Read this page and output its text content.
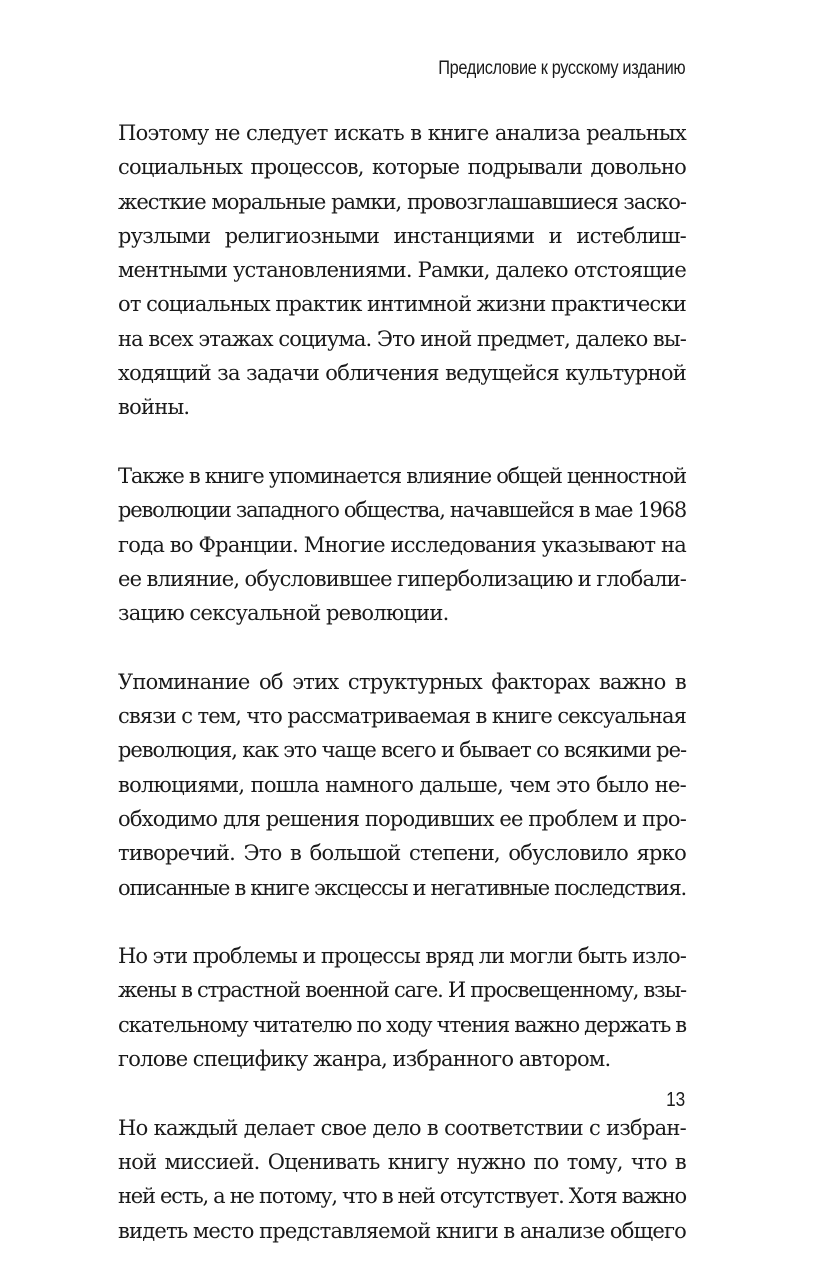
Предисловие к русскому изданию

Поэтому не следует искать в книге анализа реальных
социальных процессов, которые подрывали довольно
жесткие моральные рамки, провозглашавшиеся заско-
рузлыми религиозными инстанциями и истеблиш-
ментными установлениями. Рамки, далеко отстоящие
от социальных практик интимной жизни практически
на всех этажах социума. Это иной предмет, далеко вы-
ходящий за задачи обличения ведущейся культурной
войны.

Также в книге упоминается влияние общей ценностной
революции западного общества, начавшейся в мае 1968
года во Франции. Многие исследования указывают на
ее влияние, обусловившее гиперболизацию и глобали-
зацию сексуальной революции.

Упоминание об этих структурных факторах важно в
связи с тем, что рассматриваемая в книге сексуальная
революция, как это чаще всего и бывает со всякими ре-
волюциями, пошла намного дальше, чем это было не-
обходимо для решения породивших ее проблем и про-
тиворечий. Это в большой степени, обусловило ярко
описанные в книге эксцессы и негативные последствия.

Но эти проблемы и процессы вряд ли могли быть изло-
жены в страстной военной саге. И просвещенному, взы-
скательному читателю по ходу чтения важно держать в
голове специфику жанра, избранного автором.

Но каждый делает свое дело в соответствии с избран-
ной миссией. Оценивать книгу нужно по тому, что в
ней есть, а не потому, что в ней отсутствует. Хотя важно
видеть место представляемой книги в анализе общего

13
